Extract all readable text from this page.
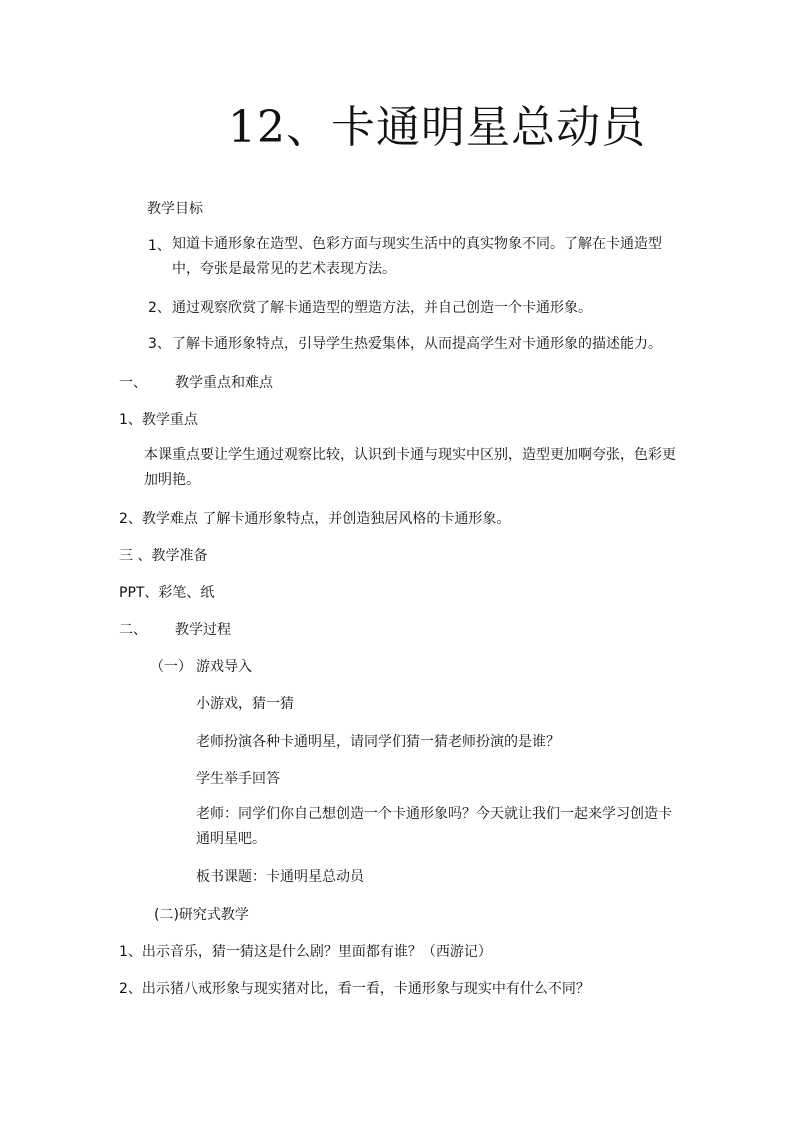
12、卡通明星总动员
教学目标
1、 知道卡通形象在造型、色彩方面与现实生活中的真实物象不同。了解在卡通造型中，夸张是最常见的艺术表现方法。
2、 通过观察欣赏了解卡通造型的塑造方法，并自己创造一个卡通形象。
3、 了解卡通形象特点，引导学生热爱集体，从而提高学生对卡通形象的描述能力。
一、 教学重点和难点
1、教学重点
本课重点要让学生通过观察比较，认识到卡通与现实中区别，造型更加啊夸张，色彩更加明艳。
2、教学难点 了解卡通形象特点，并创造独居风格的卡通形象。
三 、教学准备
PPT、彩笔、纸
二、 教学过程
（一） 游戏导入
小游戏，猜一猜
老师扮演各种卡通明星，请同学们猜一猜老师扮演的是谁？
学生举手回答
老师：同学们你自己想创造一个卡通形象吗？今天就让我们一起来学习创造卡通明星吧。
板书课题：卡通明星总动员
(二)研究式教学
1、出示音乐，猜一猜这是什么剧？里面都有谁？（西游记）
2、出示猪八戒形象与现实猪对比，看一看，卡通形象与现实中有什么不同？
